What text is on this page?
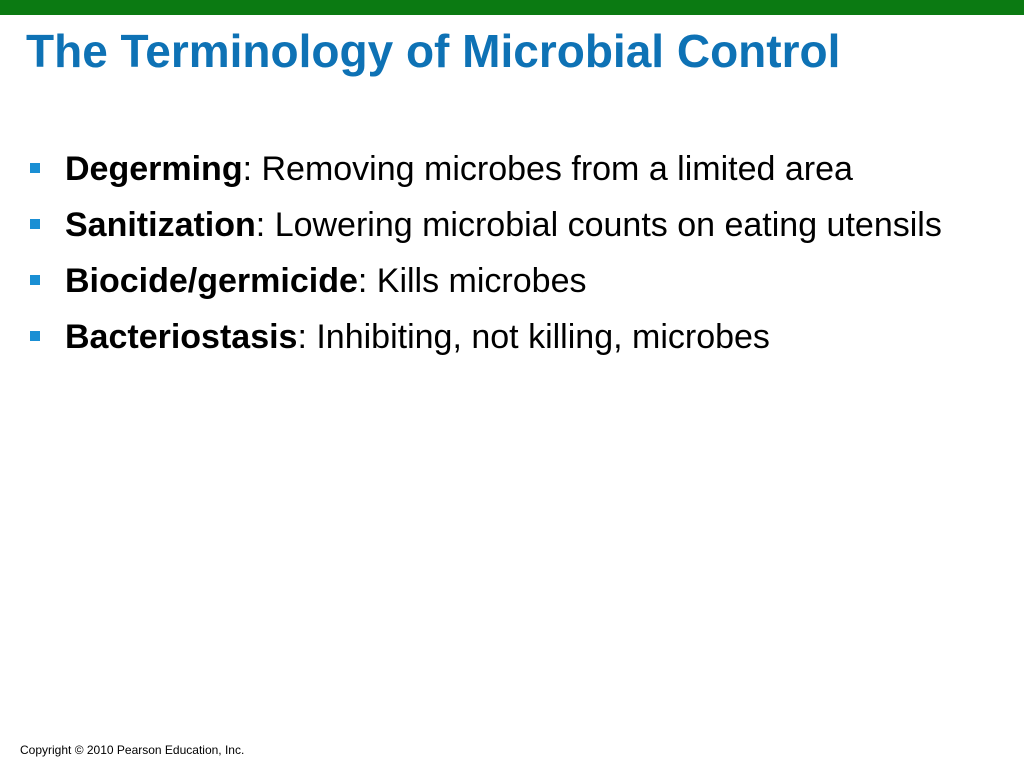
The Terminology of Microbial Control
Degerming: Removing microbes from a limited area
Sanitization: Lowering microbial counts on eating utensils
Biocide/germicide: Kills microbes
Bacteriostasis: Inhibiting, not killing, microbes
Copyright © 2010 Pearson Education, Inc.
